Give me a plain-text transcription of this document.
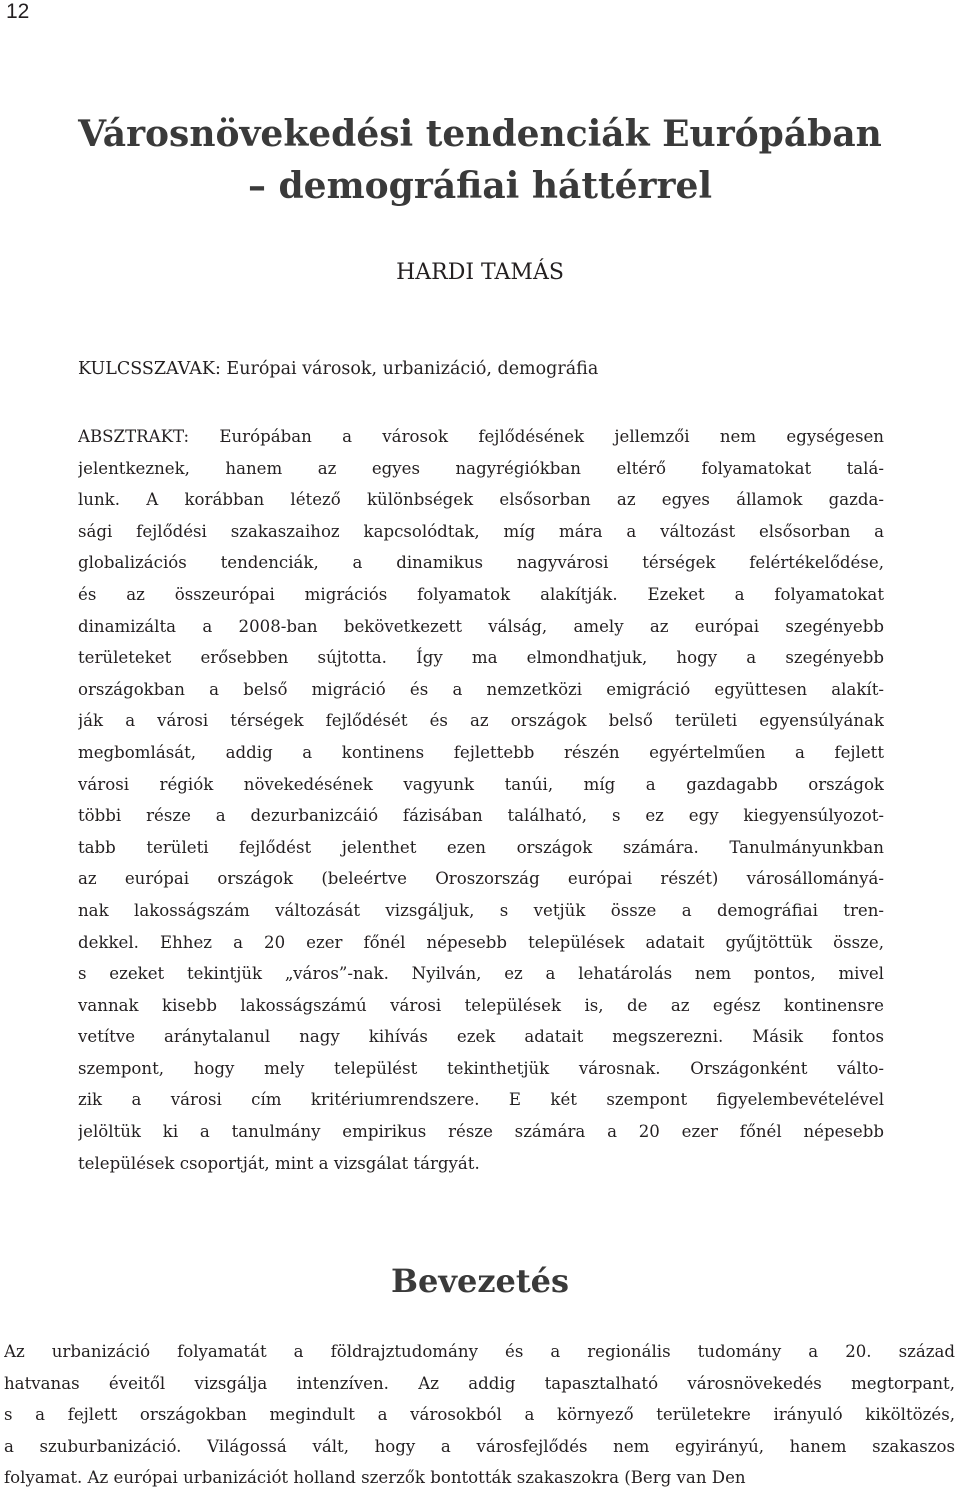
12

Városnövekedési tendenciák Európában
– demográfiai háttérrel

HARDI TAMÁS

KULCSSZAVAK: Európai városok, urbanizáció, demográfia

ABSZTRAKT: Európában a városok fejlődésének jellemzői nem egységesen
jelentkeznek, hanem az egyes nagyrégiókban eltérő folyamatokat talá-
lunk. A korábban létező különbségek elsősorban az egyes államok gazda-
sági fejlődési szakaszaihoz kapcsolódtak, míg mára a változást elsősorban a
globalizációs tendenciák, a dinamikus nagyvárosi térségek felértékelődése,
és az összeurópai migrációs folyamatok alakítják. Ezeket a folyamatokat
dinamizálta a 2008-ban bekövetkezett válság, amely az európai szegényebb
területeket erősebben sújtotta. Így ma elmondhatjuk, hogy a szegényebb
országokban a belső migráció és a nemzetközi emigráció együttesen alakít-
ják a városi térségek fejlődését és az országok belső területi egyensúlyának
megbomlását, addig a kontinens fejlettebb részén egyértelműen a fejlett
városi régiók növekedésének vagyunk tanúi, míg a gazdagabb országok
többi része a dezurbanizcáió fázisában található, s ez egy kiegyensúlyozot-
tabb területi fejlődést jelenthet ezen országok számára. Tanulmányunkban
az európai országok (beleértve Oroszország európai részét) városállományá-
nak lakosságszám változását vizsgáljuk, s vetjük össze a demográfiai tren-
dekkel. Ehhez a 20 ezer főnél népesebb települések adatait gyűjtöttük össze,
s ezeket tekintjük „város”-nak. Nyilván, ez a lehatárolás nem pontos, mivel
vannak kisebb lakosságszámú városi települések is, de az egész kontinensre
vetítve aránytalanul nagy kihívás ezek adatait megszerezni. Másik fontos
szempont, hogy mely települést tekinthetjük városnak. Országonként válto-
zik a városi cím kritériumrendszere. E két szempont figyelembevételével
jelöltük ki a tanulmány empirikus része számára a 20 ezer főnél népesebb
települések csoportját, mint a vizsgálat tárgyát.
Bevezetés
Az urbanizáció folyamatát a földrajztudomány és a regionális tudomány a 20. század
hatvanas éveitől vizsgálja intenzíven. Az addig tapasztalható városnövekedés megtorpant,
s a fejlett országokban megindult a városokból a környező területekre irányuló kiköltözés,
a szuburbanizáció. Világossá vált, hogy a városfejlődés nem egyirányú, hanem szakaszos
folyamat. Az európai urbanizációt holland szerzők bontották szakaszokra (Berg van Den
